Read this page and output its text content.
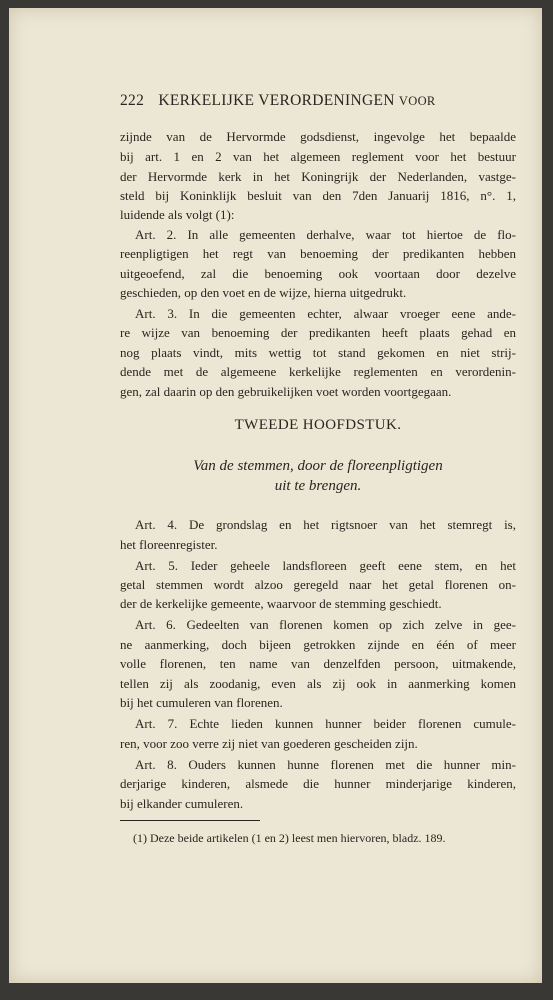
222 KERKELIJKE VERORDENINGEN VOOR
zijnde van de Hervormde godsdienst, ingevolge het bepaalde
bij art. 1 en 2 van het algemeen reglement voor het bestuur
der Hervormde kerk in het Koningrijk der Nederlanden, vastge-
steld bij Koninklijk besluit van den 7den Januarij 1816, n°. 1,
luidende als volgt (1):
Art. 2. In alle gemeenten derhalve, waar tot hiertoe de flo-
reenpligtigen het regt van benoeming der predikanten hebben
uitgeoefend, zal die benoeming ook voortaan door dezelve
geschieden, op den voet en de wijze, hierna uitgedrukt.
Art. 3. In die gemeenten echter, alwaar vroeger eene ande-
re wijze van benoeming der predikanten heeft plaats gehad en
nog plaats vindt, mits wettig tot stand gekomen en niet strij-
dende met de algemeene kerkelijke reglementen en verordenin-
gen, zal daarin op den gebruikelijken voet worden voortgegaan.
TWEEDE HOOFDSTUK.
Van de stemmen, door de floreenpligtigen
uit te brengen.
Art. 4. De grondslag en het rigtsnoer van het stemregt is,
het floreenregister.
Art. 5. Ieder geheele landsfloreen geeft eene stem, en het
getal stemmen wordt alzoo geregeld naar het getal florenen on-
der de kerkelijke gemeente, waarvoor de stemming geschiedt.
Art. 6. Gedeelten van florenen komen op zich zelve in gee-
ne aanmerking, doch bijeen getrokken zijnde en één of meer
volle florenen, ten name van denzelfden persoon, uitmakende,
tellen zij als zoodanig, even als zij ook in aanmerking komen
bij het cumuleren van florenen.
Art. 7. Echte lieden kunnen hunner beider florenen cumule-
ren, voor zoo verre zij niet van goederen gescheiden zijn.
Art. 8. Ouders kunnen hunne florenen met die hunner min-
derjarige kinderen, alsmede die hunner minderjarige kinderen,
bij elkander cumuleren.
(1) Deze beide artikelen (1 en 2) leest men hiervoren, bladz. 189.
